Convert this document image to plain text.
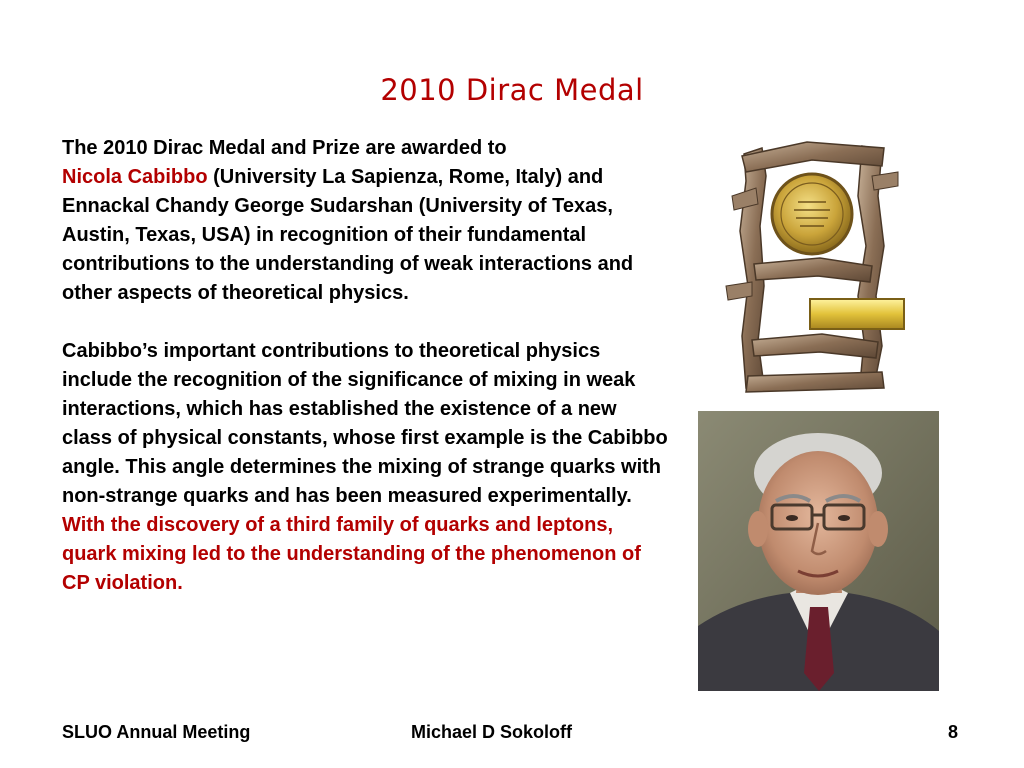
2010 Dirac Medal

The 2010 Dirac Medal and Prize are awarded to
Nicola Cabibbo (University La Sapienza, Rome, Italy) and Ennackal Chandy George Sudarshan (University of Texas, Austin, Texas, USA) in recognition of their fundamental contributions to the understanding of weak interactions and other aspects of theoretical physics.

Cabibbo’s important contributions to theoretical physics include the recognition of the significance of mixing in weak interactions, which has established the existence of a new class of physical constants, whose first example is the Cabibbo angle. This angle determines the mixing of strange quarks with non-strange quarks and has been measured experimentally. With the discovery of a third family of quarks and leptons, quark mixing led to the understanding of the phenomenon of CP violation.

SLUO Annual Meeting	Michael D Sokoloff	8
